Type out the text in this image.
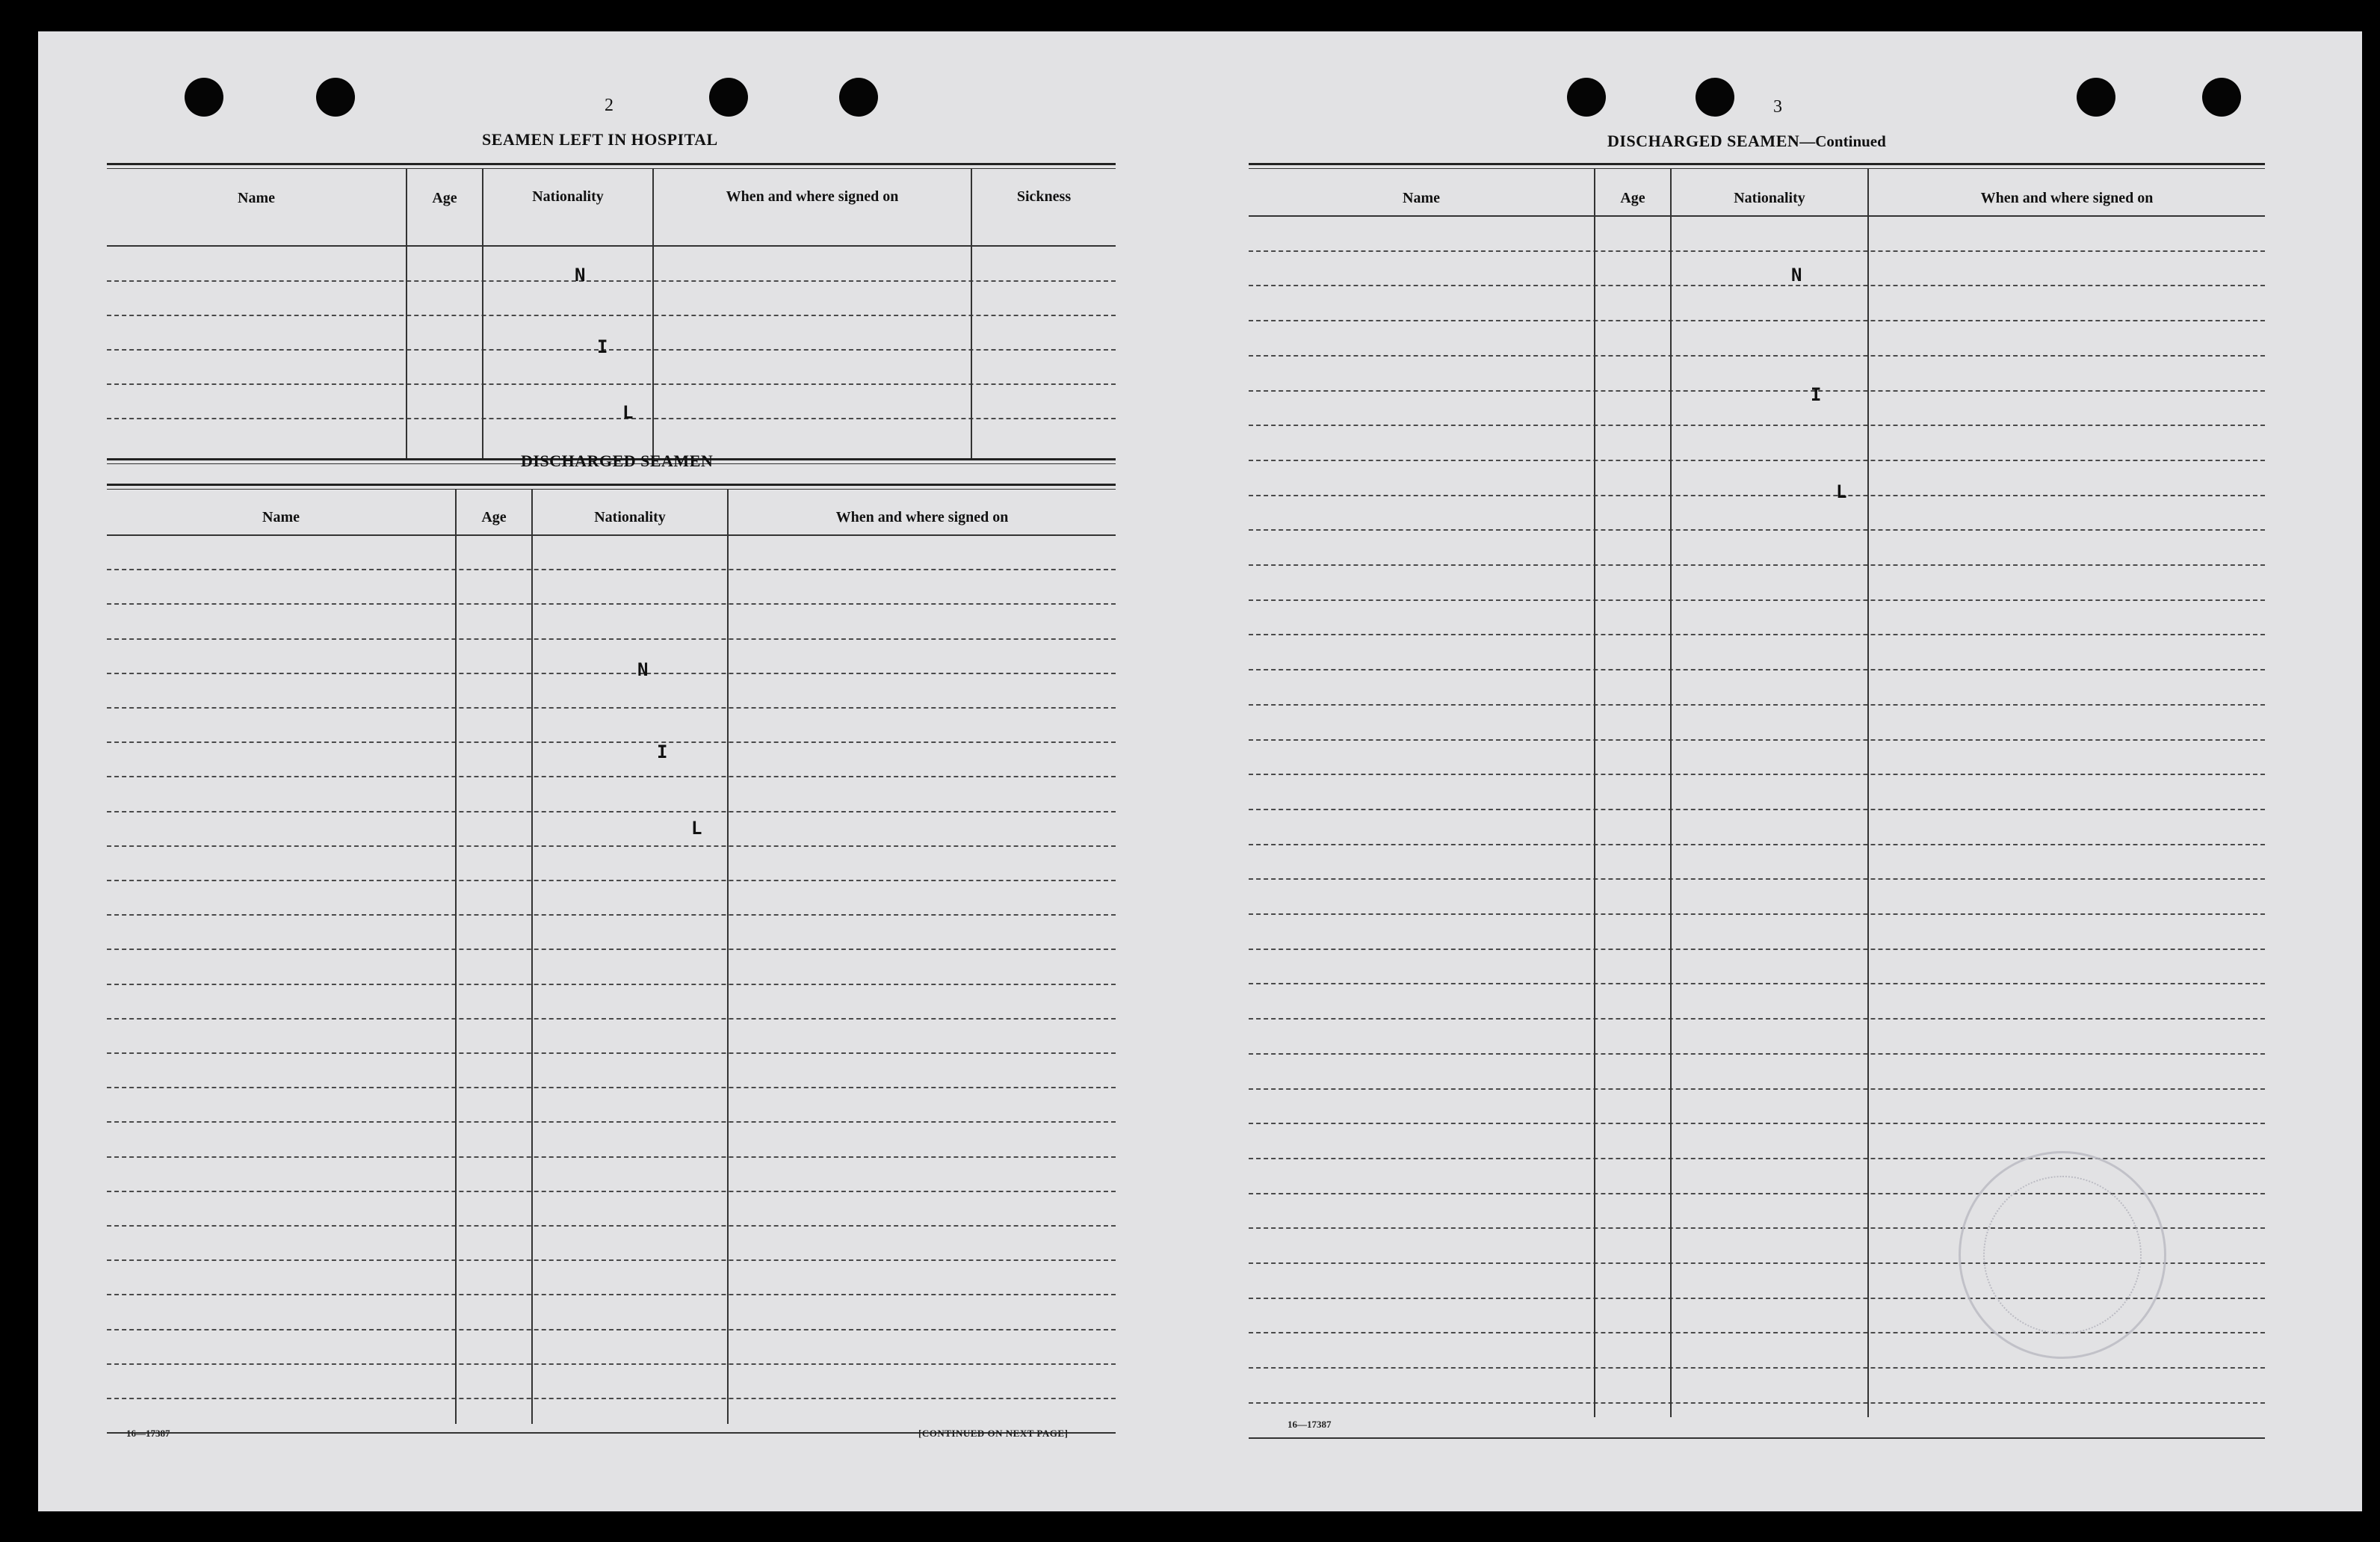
2
SEAMEN LEFT IN HOSPITAL
Name	Age	Nationality	When and where signed on	Sickness
N
I
L
DISCHARGED SEAMEN
Name	Age	Nationality	When and where signed on
N
I
L
16—17387	[CONTINUED ON NEXT PAGE]
3
DISCHARGED SEAMEN—Continued
Name	Age	Nationality	When and where signed on
N
I
L
16—17387
